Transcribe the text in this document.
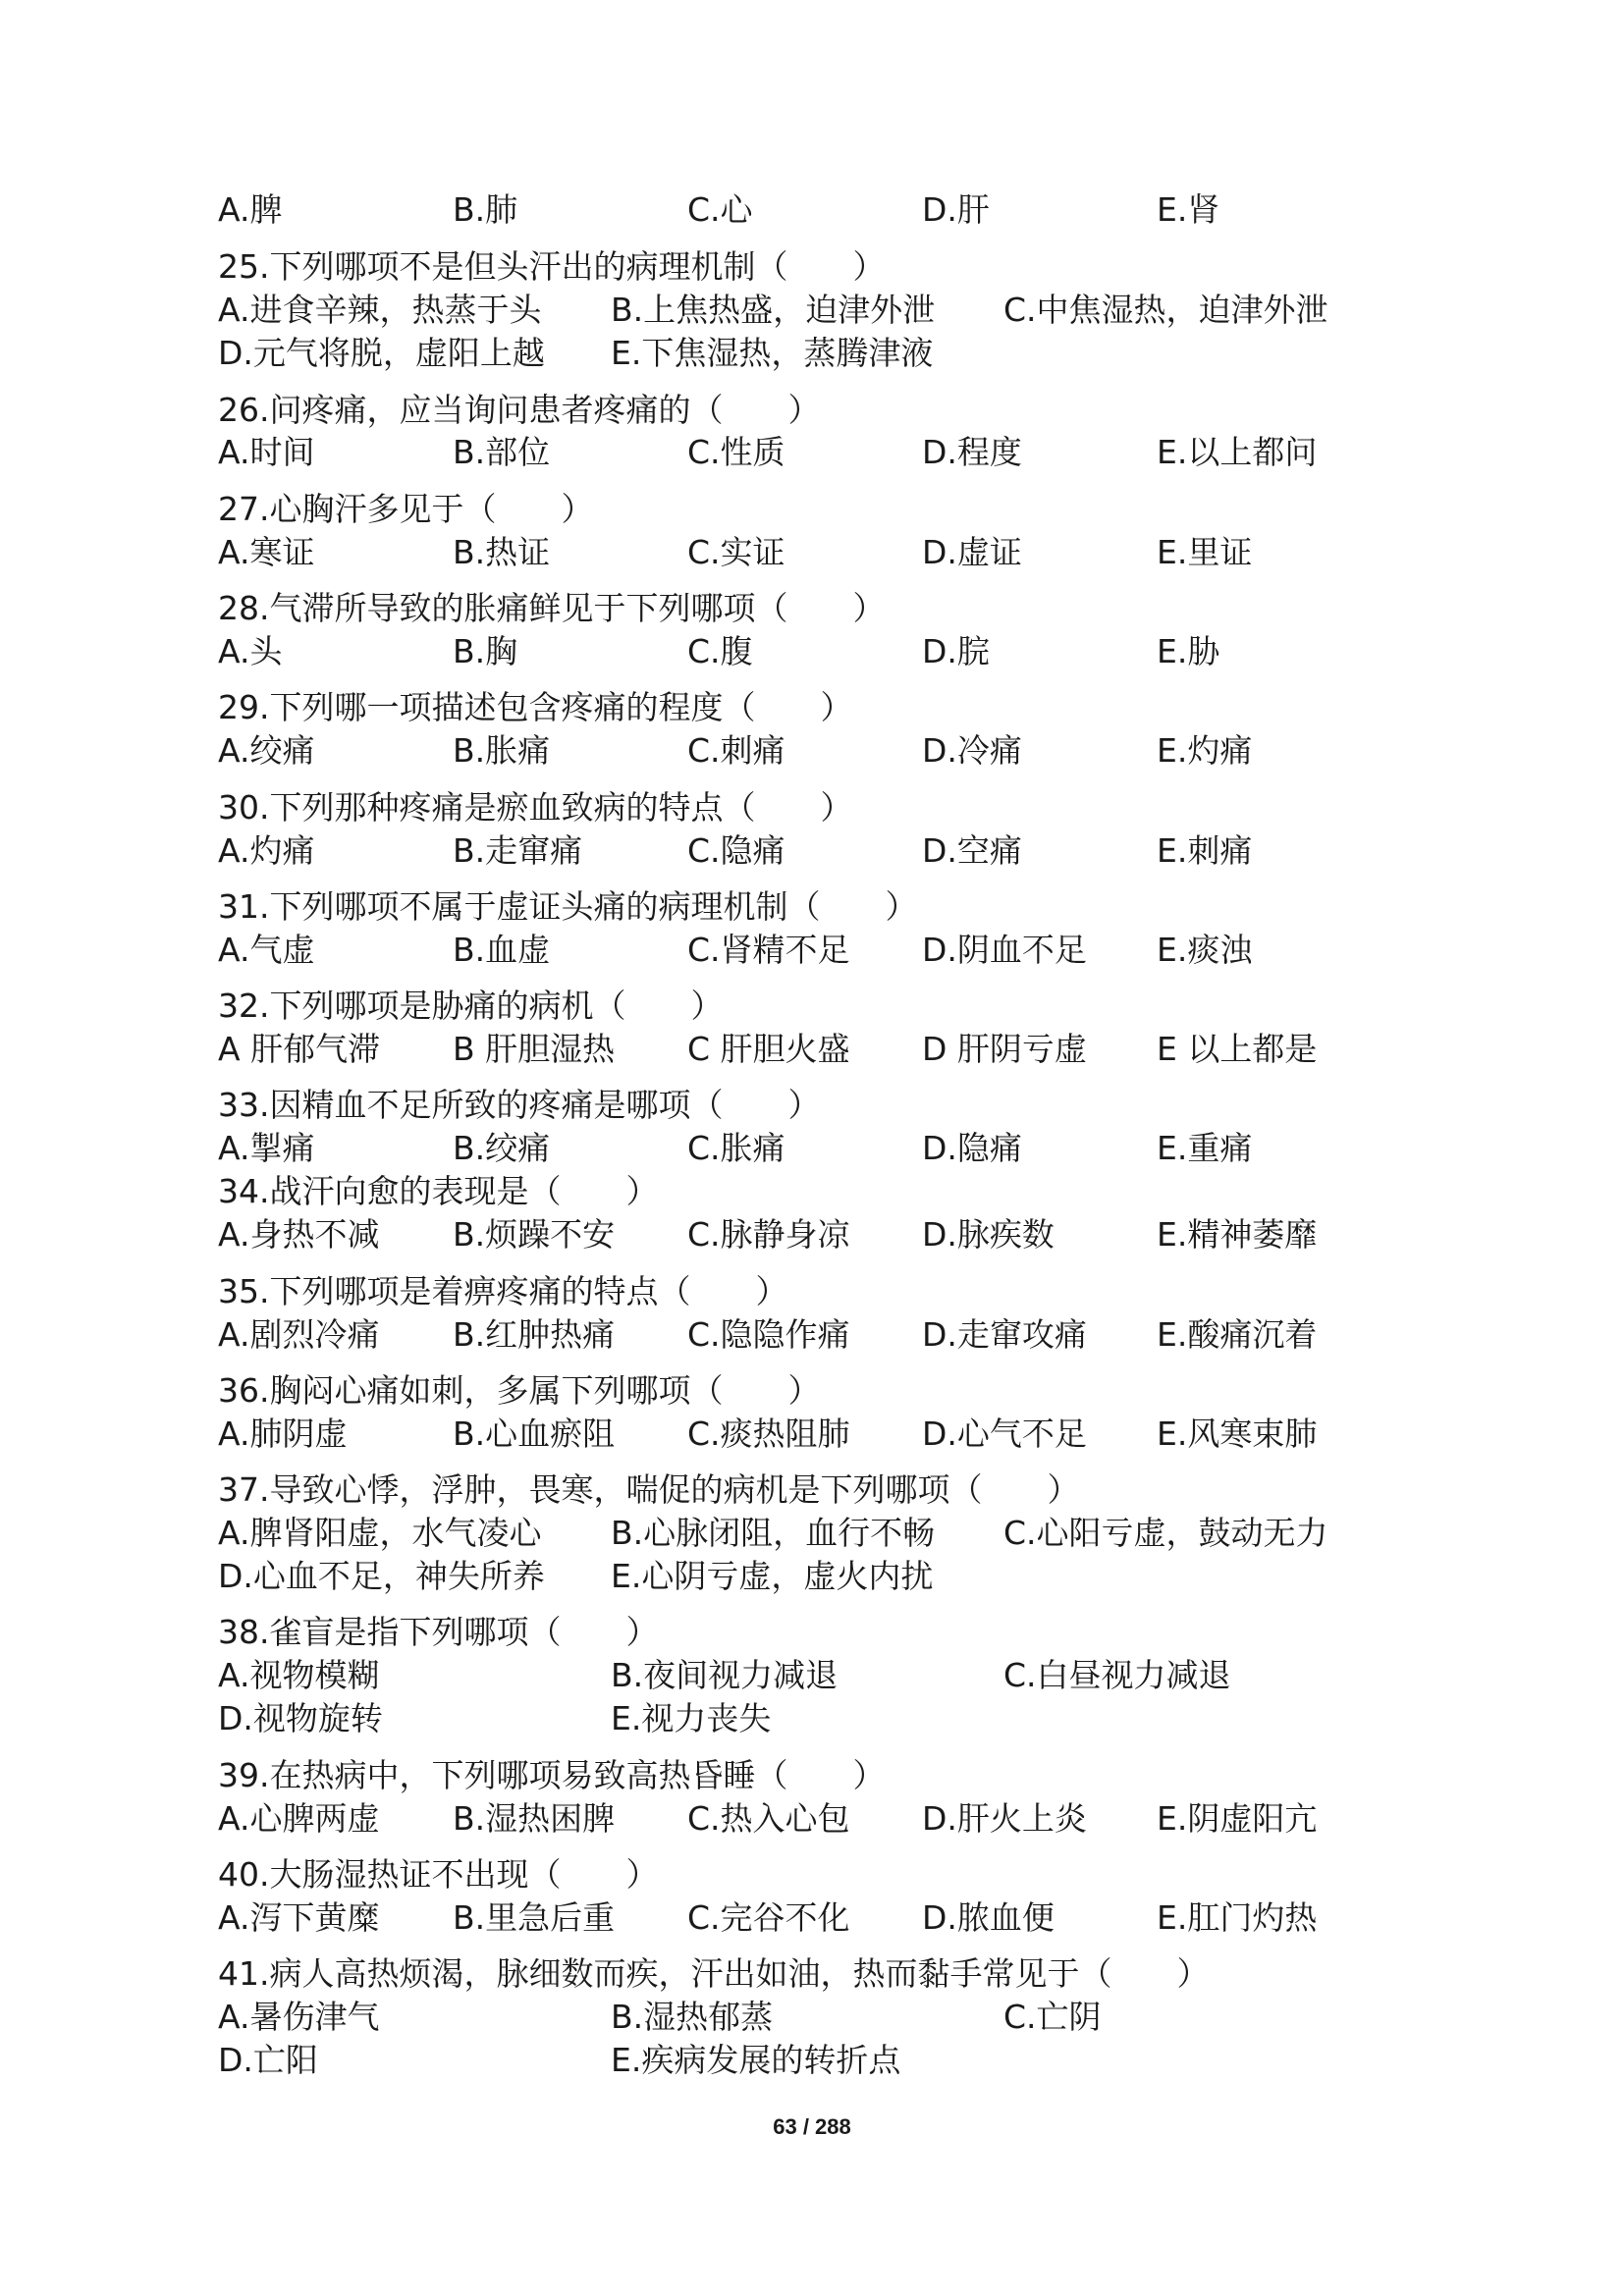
A.脾	B.肺	C.心	D.肝	E.肾
25.下列哪项不是但头汗出的病理机制（　　）
A.进食辛辣，热蒸于头 B.上焦热盛，迫津外泄 C.中焦湿热，迫津外泄
D.元气将脱，虚阳上越 E.下焦湿热，蒸腾津液
26.问疼痛，应当询问患者疼痛的（　　）
A.时间	B.部位	C.性质	D.程度	E.以上都问
27.心胸汗多见于（　　）
A.寒证	B.热证	C.实证	D.虚证	E.里证
28.气滞所导致的胀痛鲜见于下列哪项（　　）
A.头	B.胸	C.腹	D.脘	E.胁
29.下列哪一项描述包含疼痛的程度（　　）
A.绞痛	B.胀痛	C.刺痛	D.冷痛	E.灼痛
30.下列那种疼痛是瘀血致病的特点（　　）
A.灼痛	B.走窜痛	C.隐痛	D.空痛	E.刺痛
31.下列哪项不属于虚证头痛的病理机制（　　）
A.气虚	B.血虚	C.肾精不足 D.阴血不足 E.痰浊
32.下列哪项是胁痛的病机（　　）
A 肝郁气滞 B 肝胆湿热 C 肝胆火盛 D 肝阴亏虚 E 以上都是
33.因精血不足所致的疼痛是哪项（　　）
A.掣痛	B.绞痛	C.胀痛	D.隐痛	E.重痛
34.战汗向愈的表现是（　　）
A.身热不减 B.烦躁不安 C.脉静身凉 D.脉疾数	E.精神萎靡
35.下列哪项是着痹疼痛的特点（　　）
A.剧烈冷痛 B.红肿热痛 C.隐隐作痛 D.走窜攻痛 E.酸痛沉着
36.胸闷心痛如刺，多属下列哪项（　　）
A.肺阴虚	B.心血瘀阻 C.痰热阻肺 D.心气不足 E.风寒束肺
37.导致心悸，浮肿，畏寒，喘促的病机是下列哪项（　　）
A.脾肾阳虚，水气凌心 B.心脉闭阻，血行不畅 C.心阳亏虚，鼓动无力
D.心血不足，神失所养 E.心阴亏虚，虚火内扰
38.雀盲是指下列哪项（　　）
A.视物模糊	B.夜间视力减退	C.白昼视力减退
D.视物旋转	E.视力丧失
39.在热病中，下列哪项易致高热昏睡（　　）
A.心脾两虚 B.湿热困脾 C.热入心包 D.肝火上炎 E.阴虚阳亢
40.大肠湿热证不出现（　　）
A.泻下黄糜 B.里急后重 C.完谷不化 D.脓血便	E.肛门灼热
41.病人高热烦渴，脉细数而疾，汗出如油，热而黏手常见于（　　）
A.暑伤津气	B.湿热郁蒸	C.亡阴
D.亡阳	E.疾病发展的转折点
63 / 288
